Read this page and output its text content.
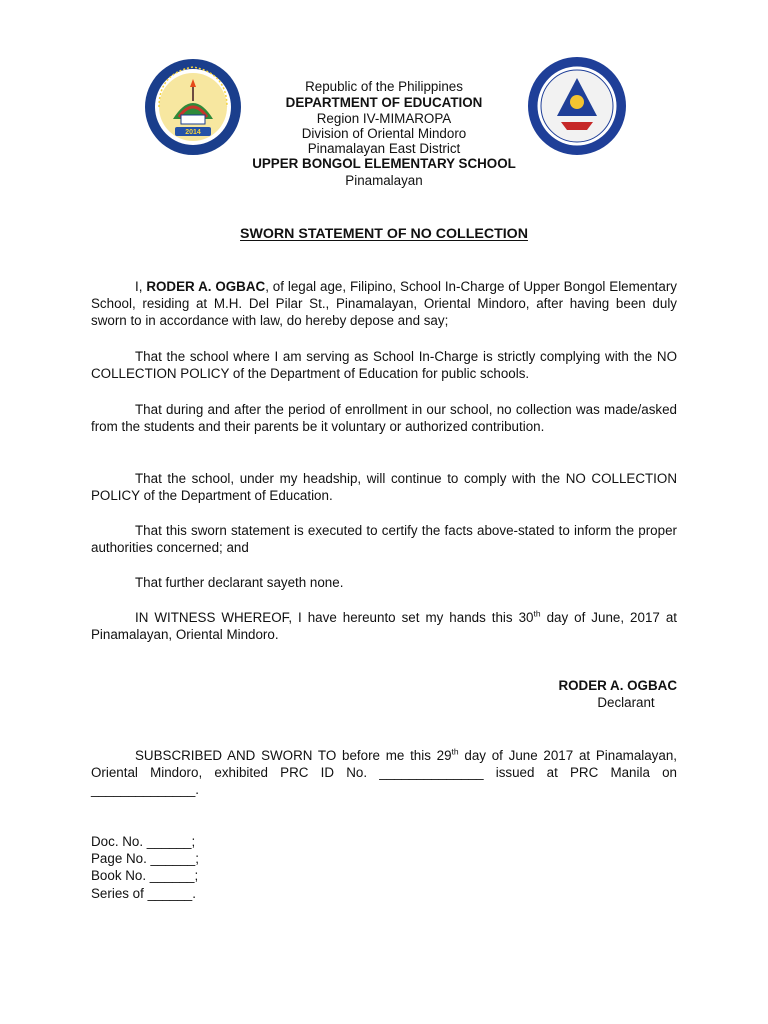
2014
Republic of the Philippines
DEPARTMENT OF EDUCATION
Region IV-MIMAROPA
Division of Oriental Mindoro
Pinamalayan East District
UPPER BONGOL ELEMENTARY SCHOOL
Pinamalayan
SWORN STATEMENT OF NO COLLECTION
I, RODER A. OGBAC, of legal age, Filipino, School In-Charge of Upper Bongol Elementary School, residing at M.H. Del Pilar St., Pinamalayan, Oriental Mindoro, after having been duly sworn to in accordance with law, do hereby depose and say;
That the school where I am serving as School In-Charge is strictly complying with the NO COLLECTION POLICY of the Department of Education for public schools.
That during and after the period of enrollment in our school, no collection was made/asked from the students and their parents be it voluntary or authorized contribution.
That the school, under my headship, will continue to comply with the NO COLLECTION POLICY of the Department of Education.
That this sworn statement is executed to certify the facts above-stated to inform the proper authorities concerned; and
That further declarant sayeth none.
IN WITNESS WHEREOF, I have hereunto set my hands this 30th day of June, 2017 at Pinamalayan, Oriental Mindoro.
RODER A. OGBAC
Declarant
SUBSCRIBED AND SWORN TO before me this 29th day of June 2017 at Pinamalayan, Oriental Mindoro, exhibited PRC ID No. ______________ issued at PRC Manila on ______________.
Doc. No. ______;
Page No. ______;
Book No. ______;
Series of ______.
